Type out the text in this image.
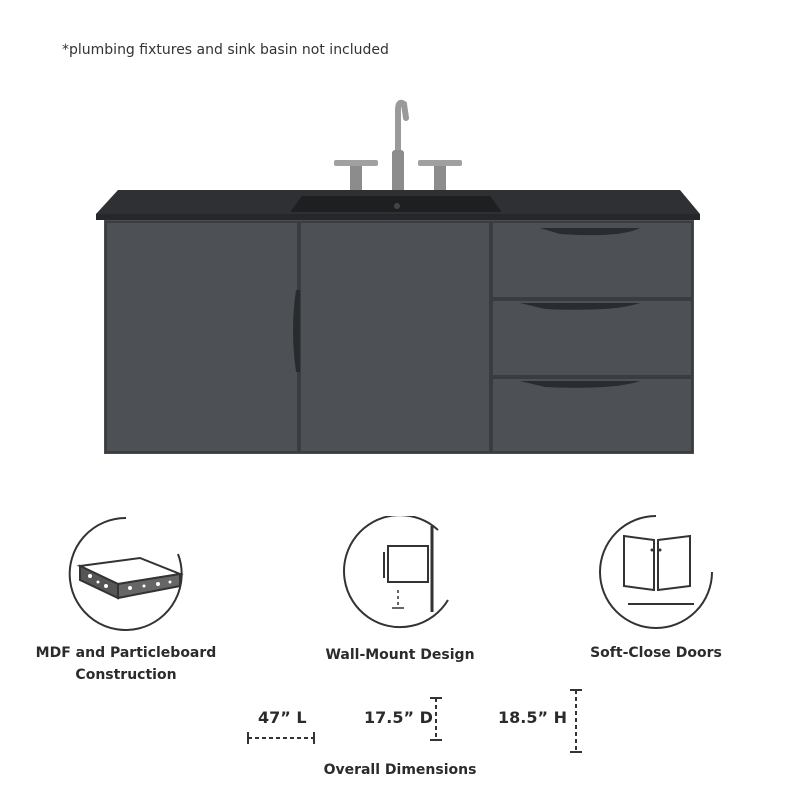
*plumbing fixtures and sink basin not included
MDF and Particleboard
Construction
Wall-Mount Design	Soft-Close Doors
47” L	17.5” D	18.5” H
Overall Dimensions
